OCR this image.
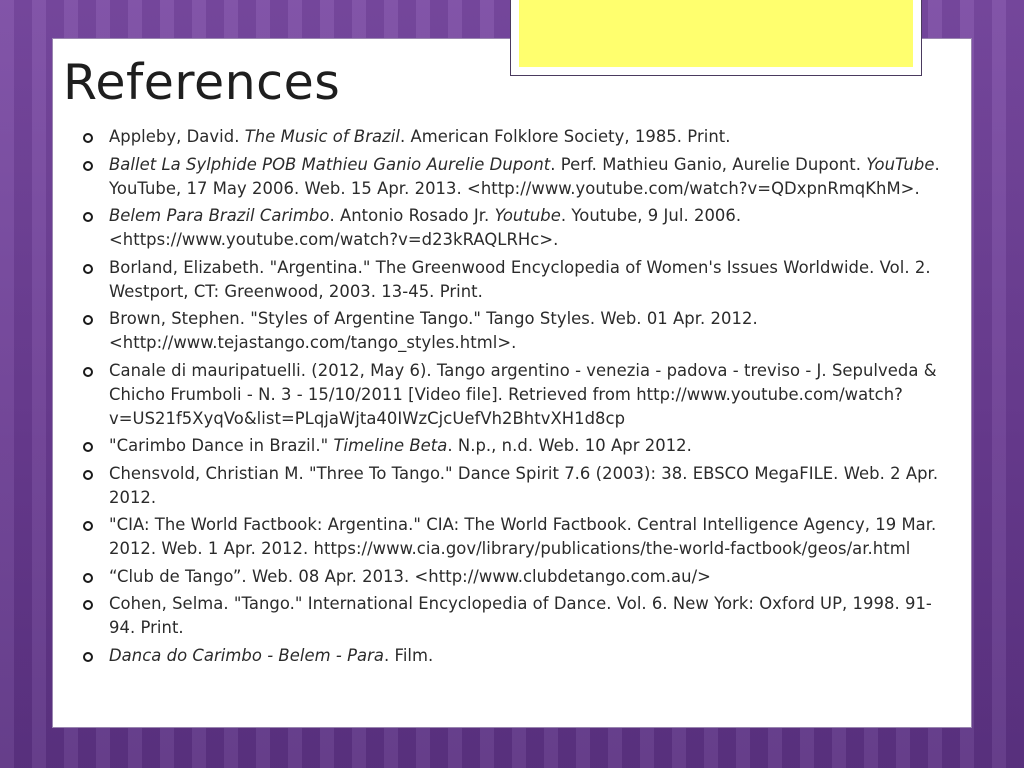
References
Appleby, David. The Music of Brazil. American Folklore Society, 1985. Print.
Ballet La Sylphide POB Mathieu Ganio Aurelie Dupont. Perf. Mathieu Ganio, Aurelie Dupont. YouTube. YouTube, 17 May 2006. Web. 15 Apr. 2013. <http://www.youtube.com/watch?v=QDxpnRmqKhM>.
Belem Para Brazil Carimbo. Antonio Rosado Jr. Youtube. Youtube, 9 Jul. 2006. <https://www.youtube.com/watch?v=d23kRAQLRHc>.
Borland, Elizabeth. "Argentina." The Greenwood Encyclopedia of Women's Issues Worldwide. Vol. 2. Westport, CT: Greenwood, 2003. 13-45. Print.
Brown, Stephen. "Styles of Argentine Tango." Tango Styles. Web. 01 Apr. 2012. <http://www.tejastango.com/tango_styles.html>.
Canale di mauripatuelli. (2012, May 6). Tango argentino - venezia - padova - treviso - J. Sepulveda & Chicho Frumboli - N. 3 - 15/10/2011 [Video file]. Retrieved from http://www.youtube.com/watch?v=US21f5XyqVo&list=PLqjaWjta40IWzCjcUefVh2BhtvXH1d8cp
"Carimbo Dance in Brazil." Timeline Beta. N.p., n.d. Web. 10 Apr 2012.
Chensvold, Christian M. "Three To Tango." Dance Spirit 7.6 (2003): 38. EBSCO MegaFILE. Web. 2 Apr. 2012.
"CIA: The World Factbook: Argentina." CIA: The World Factbook. Central Intelligence Agency, 19 Mar. 2012. Web. 1 Apr. 2012. https://www.cia.gov/library/publications/the-world-factbook/geos/ar.html
“Club de Tango”. Web. 08 Apr. 2013. <http://www.clubdetango.com.au/>
Cohen, Selma. "Tango." International Encyclopedia of Dance. Vol. 6. New York: Oxford UP, 1998. 91-94. Print.
Danca do Carimbo - Belem - Para. Film.
